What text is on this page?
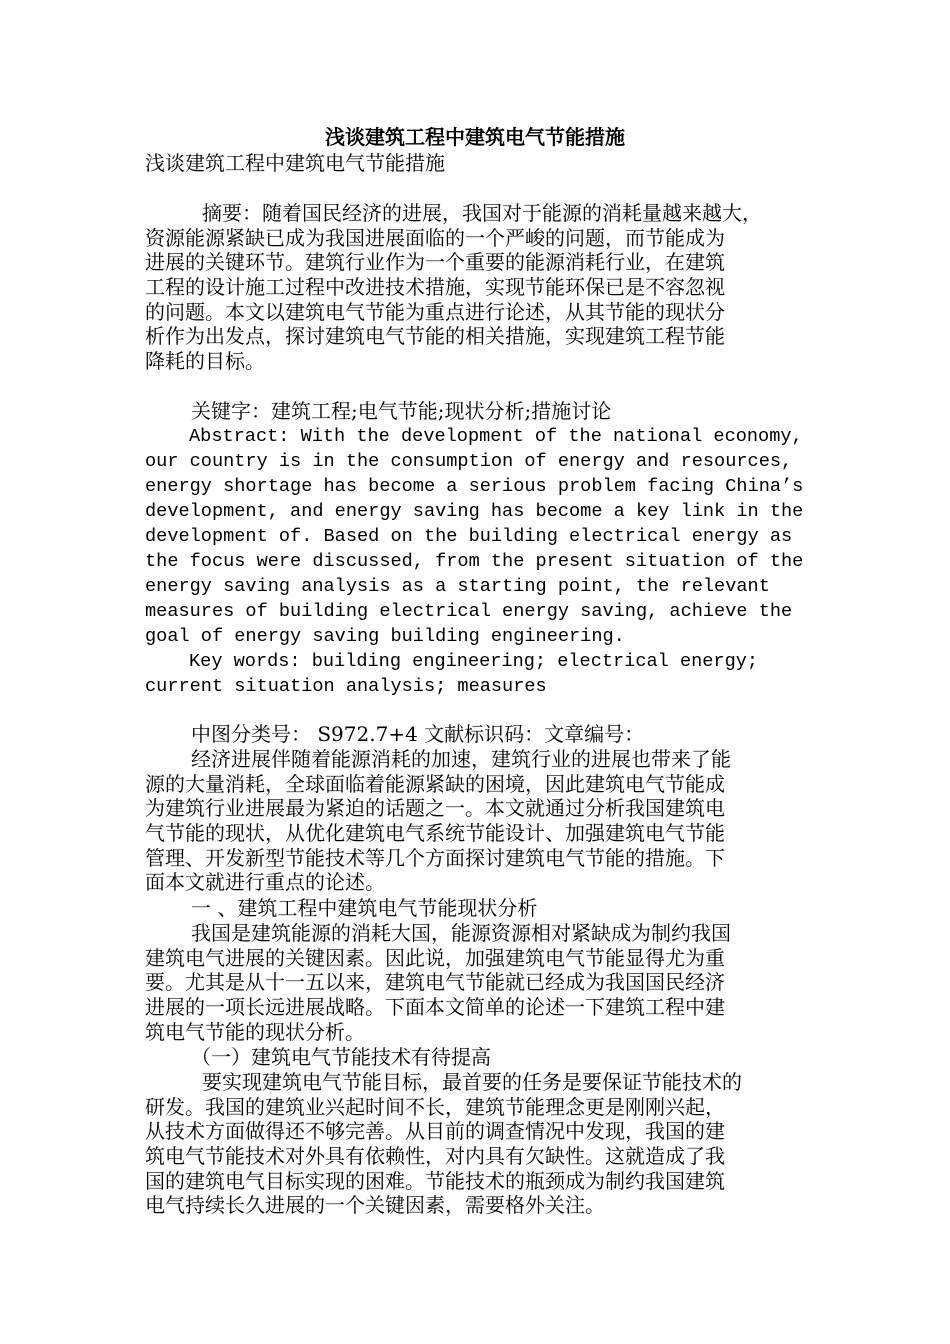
浅谈建筑工程中建筑电气节能措施
浅谈建筑工程中建筑电气节能措施
摘要：随着国民经济的进展，我国对于能源的消耗量越来越大，
资源能源紧缺已成为我国进展面临的一个严峻的问题，而节能成为
进展的关键环节。建筑行业作为一个重要的能源消耗行业，在建筑
工程的设计施工过程中改进技术措施，实现节能环保已是不容忽视
的问题。本文以建筑电气节能为重点进行论述，从其节能的现状分
析作为出发点，探讨建筑电气节能的相关措施，实现建筑工程节能
降耗的目标。
关键字：建筑工程;电气节能;现状分析;措施讨论
Abstract: With the development of the national economy,
our country is in the consumption of energy and resources,
energy shortage has become a serious problem facing China’s
development, and energy saving has become a key link in the
development of. Based on the building electrical energy as
the focus were discussed, from the present situation of the
energy saving analysis as a starting point, the relevant
measures of building electrical energy saving, achieve the
goal of energy saving building engineering.
Key words: building engineering; electrical energy;
current situation analysis; measures
中图分类号： S972.7+4 文献标识码：文章编号：
经济进展伴随着能源消耗的加速，建筑行业的进展也带来了能
源的大量消耗，全球面临着能源紧缺的困境，因此建筑电气节能成
为建筑行业进展最为紧迫的话题之一。本文就通过分析我国建筑电
气节能的现状，从优化建筑电气系统节能设计、加强建筑电气节能
管理、开发新型节能技术等几个方面探讨建筑电气节能的措施。下
面本文就进行重点的论述。
一 、建筑工程中建筑电气节能现状分析
我国是建筑能源的消耗大国，能源资源相对紧缺成为制约我国
建筑电气进展的关键因素。因此说，加强建筑电气节能显得尤为重
要。尤其是从十一五以来，建筑电气节能就已经成为我国国民经济
进展的一项长远进展战略。下面本文简单的论述一下建筑工程中建
筑电气节能的现状分析。
（一）建筑电气节能技术有待提高
要实现建筑电气节能目标，最首要的任务是要保证节能技术的
研发。我国的建筑业兴起时间不长，建筑节能理念更是刚刚兴起，
从技术方面做得还不够完善。从目前的调查情况中发现，我国的建
筑电气节能技术对外具有依赖性，对内具有欠缺性。这就造成了我
国的建筑电气目标实现的困难。节能技术的瓶颈成为制约我国建筑
电气持续长久进展的一个关键因素，需要格外关注。
